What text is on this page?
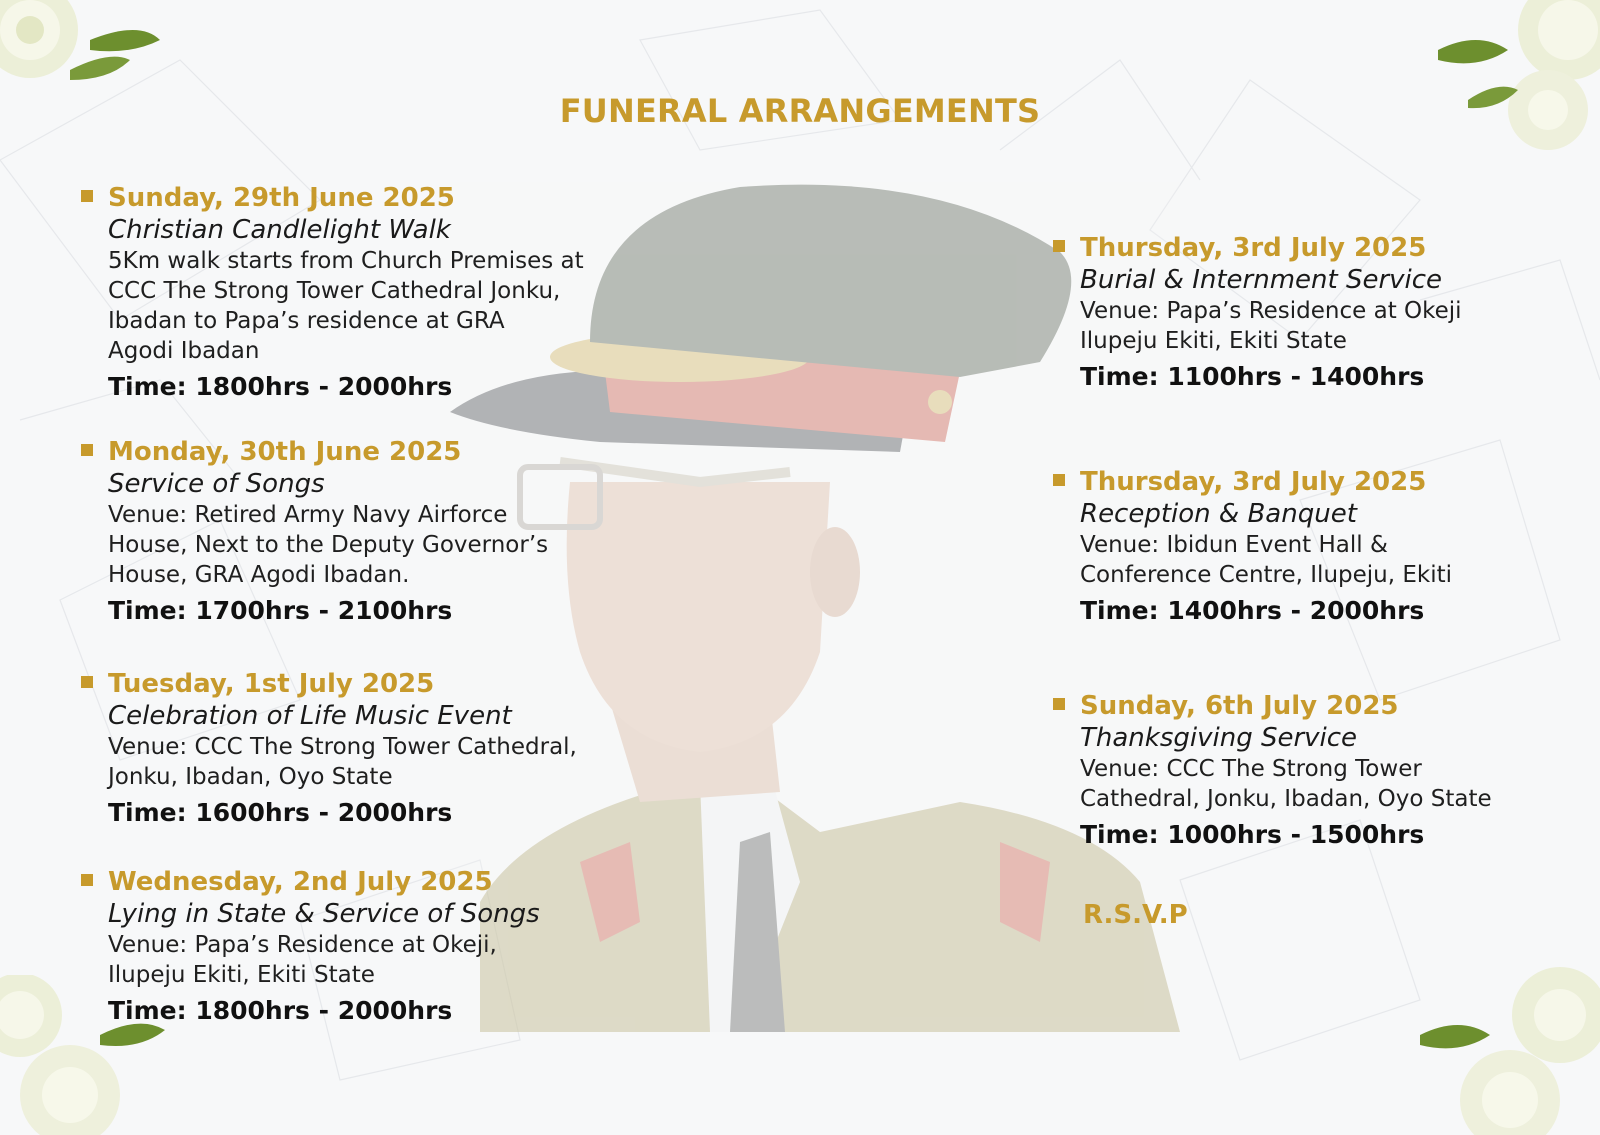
FUNERAL ARRANGEMENTS
Sunday, 29th June 2025
Christian Candlelight Walk
5Km walk starts from Church Premises at
CCC The Strong Tower Cathedral Jonku,
Ibadan to Papa’s residence at GRA
Agodi Ibadan
Time: 1800hrs - 2000hrs
Monday, 30th June 2025
Service of Songs
Venue: Retired Army Navy Airforce
House, Next to the Deputy Governor’s
House, GRA Agodi Ibadan.
Time: 1700hrs - 2100hrs
Tuesday, 1st July 2025
Celebration of Life Music Event
Venue: CCC The Strong Tower Cathedral,
Jonku, Ibadan, Oyo State
Time: 1600hrs - 2000hrs
Wednesday, 2nd July 2025
Lying in State & Service of Songs
Venue: Papa’s Residence at Okeji,
Ilupeju Ekiti, Ekiti State
Time: 1800hrs - 2000hrs
Thursday, 3rd July 2025
Burial & Internment Service
Venue: Papa’s Residence at Okeji
Ilupeju Ekiti, Ekiti State
Time: 1100hrs - 1400hrs
Thursday, 3rd July 2025
Reception & Banquet
Venue: Ibidun Event Hall &
Conference Centre, Ilupeju, Ekiti
Time: 1400hrs - 2000hrs
Sunday, 6th July 2025
Thanksgiving Service
Venue: CCC The Strong Tower
Cathedral, Jonku, Ibadan, Oyo State
Time: 1000hrs - 1500hrs
R.S.V.P
